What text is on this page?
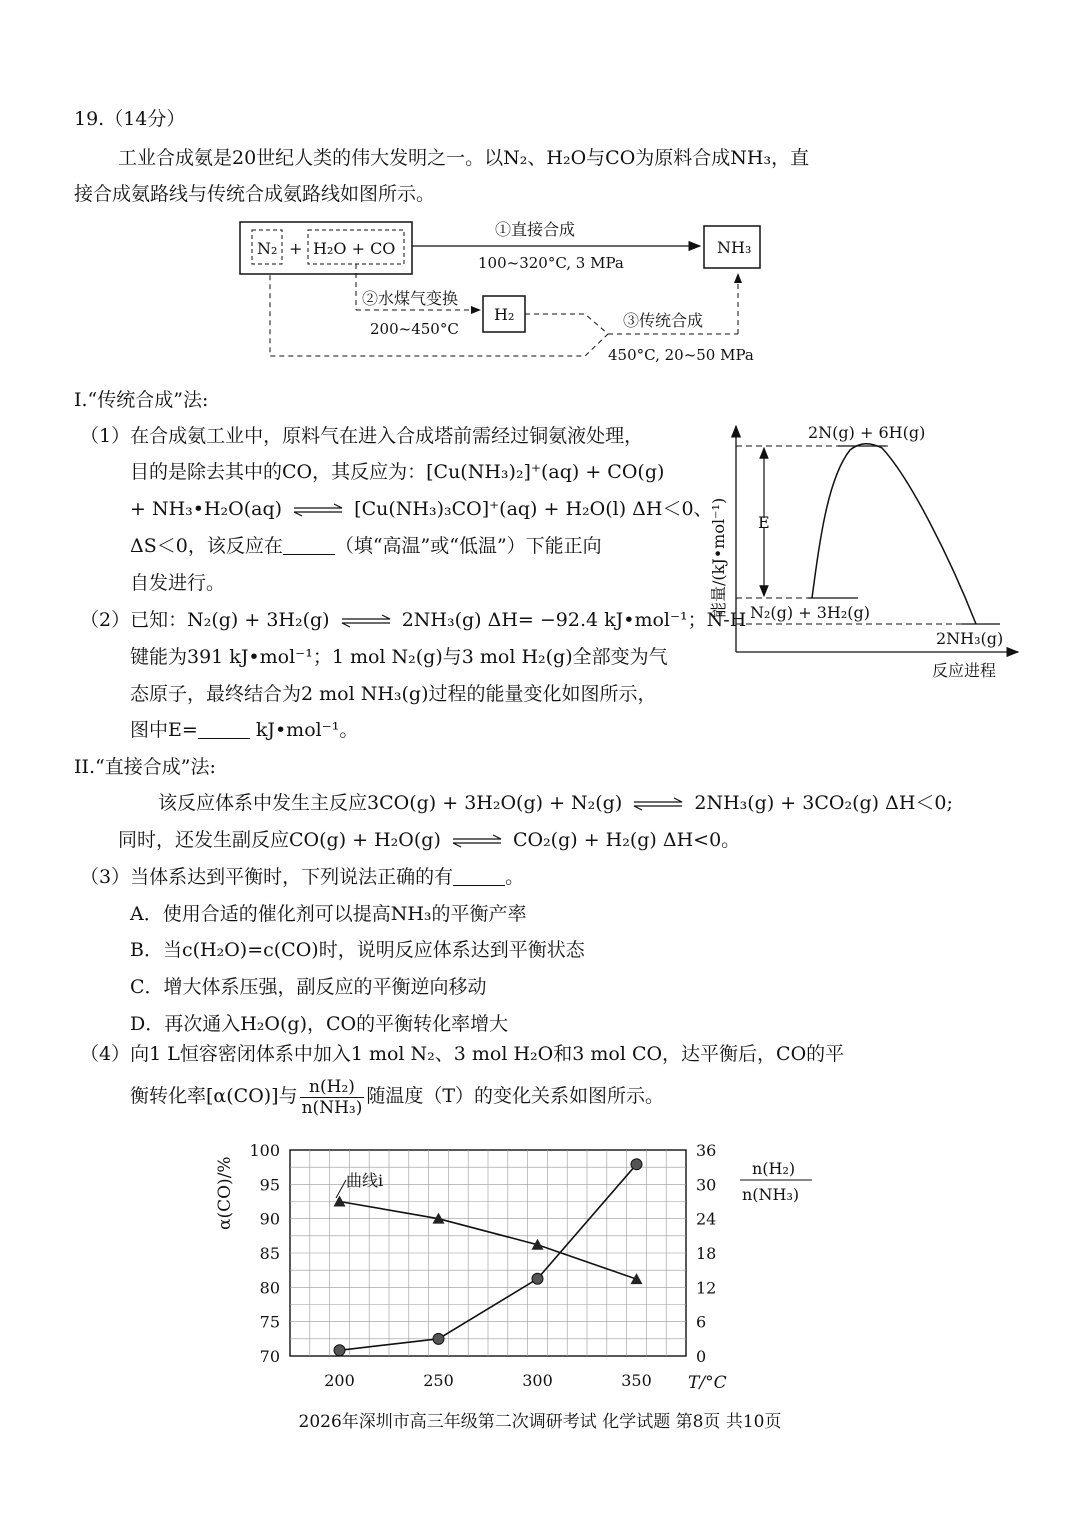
19.（14分）
工业合成氨是20世纪人类的伟大发明之一。以N₂、H₂O与CO为原料合成NH₃，直
接合成氨路线与传统合成氨路线如图所示。
N₂ + H₂O + CO
①直接合成
100~320°C, 3 MPa
NH₃
②水煤气变换
200~450°C
H₂	③传统合成
450°C, 20~50 MPa
I.“传统合成”法:
（1）在合成氨工业中，原料气在进入合成塔前需经过铜氨液处理，
目的是除去其中的CO，其反应为：[Cu(NH₃)₂]⁺(aq) + CO(g)
+ NH₃•H₂O(aq) ⇌ [Cu(NH₃)₃CO]⁺(aq) + H₂O(l) ΔH＜0、
ΔS＜0，该反应在	（填“高温”或“低温”）下能正向
自发进行。
（2）已知：N₂(g) + 3H₂(g) ⇌ 2NH₃(g) ΔH= −92.4 kJ•mol⁻¹；N-H
键能为391 kJ•mol⁻¹；1 mol N₂(g)与3 mol H₂(g)全部变为气
态原子，最终结合为2 mol NH₃(g)过程的能量变化如图所示，
图中E=	kJ•mol⁻¹。
能量/(kJ•mol⁻¹)
反应进程
E
2N(g) + 6H(g)
N₂(g) + 3H₂(g)
2NH₃(g)
II.“直接合成”法:
该反应体系中发生主反应3CO(g) + 3H₂O(g) + N₂(g) ⇌ 2NH₃(g) + 3CO₂(g) ΔH＜0;
同时，还发生副反应CO(g) + H₂O(g) ⇌ CO₂(g) + H₂(g) ΔH<0。
（3）当体系达到平衡时，下列说法正确的有	。
A．使用合适的催化剂可以提高NH₃的平衡产率
B．当c(H₂O)=c(CO)时，说明反应体系达到平衡状态
C．增大体系压强，副反应的平衡逆向移动
D．再次通入H₂O(g)，CO的平衡转化率增大
（4）向1 L恒容密闭体系中加入1 mol N₂、3 mol H₂O和3 mol CO，达平衡后，CO的平
衡转化率[α(CO)]与 $\frac{\text{n(H₂)}}{\text{n(NH₃)}}$ 随温度（T）的变化关系如图所示。
70
75
80
85
90
95
100
0
6
12
18
24
30
36
200	250	300	350
α(CO)/%
T/°C
n(H₂)
n(NH₃)
曲线i
2026年深圳市高三年级第二次调研考试 化学试题 第8页 共10页
